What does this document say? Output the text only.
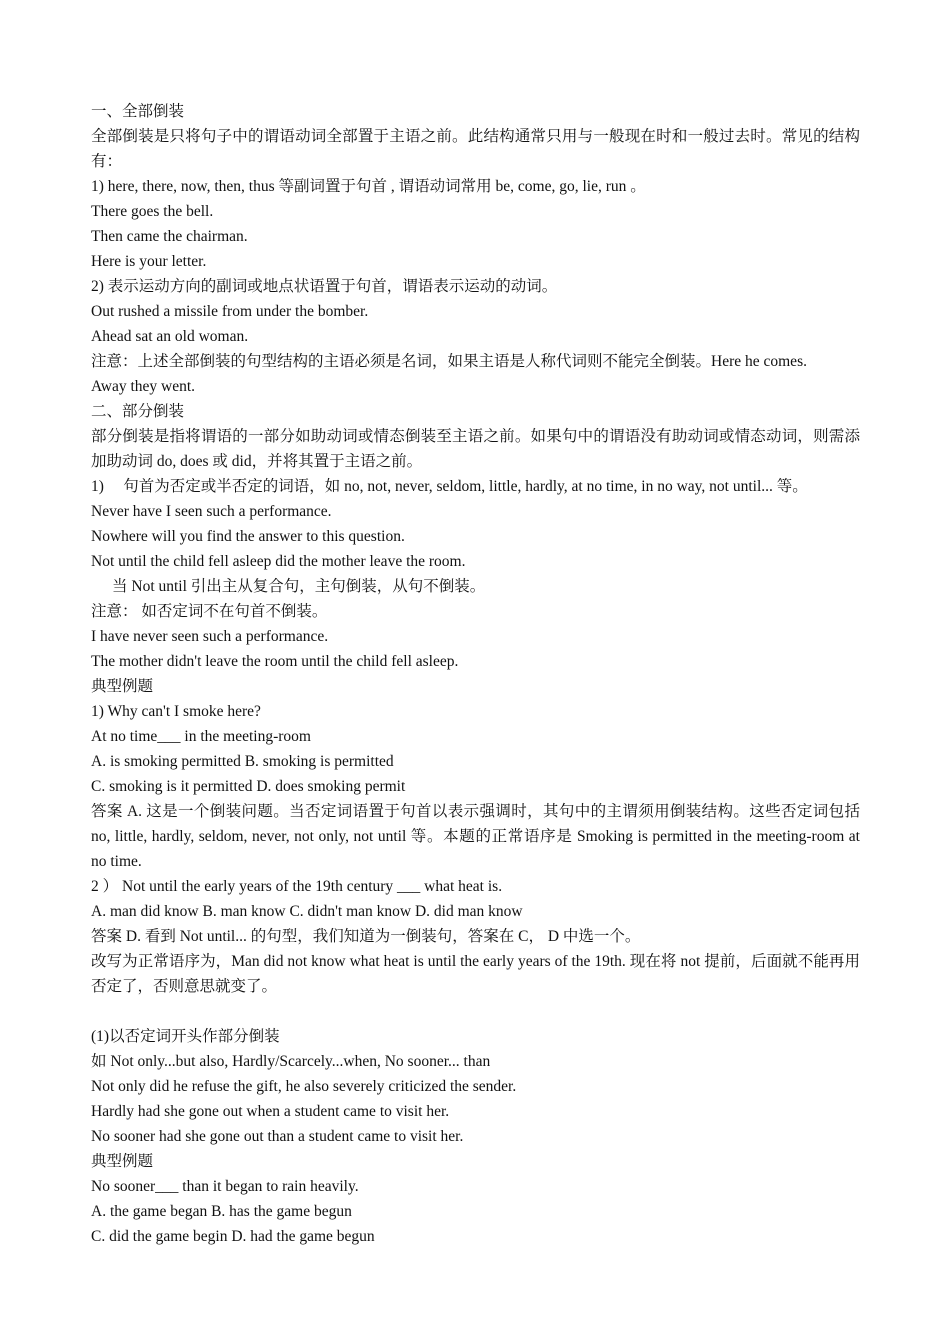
一、全部倒装
全部倒装是只将句子中的谓语动词全部置于主语之前。此结构通常只用与一般现在时和一般过去时。常见的结构有：
1) here, there, now, then, thus 等副词置于句首 , 谓语动词常用 be, come, go, lie, run 。
There goes the bell.
Then came the chairman.
Here is your letter.
2) 表示运动方向的副词或地点状语置于句首，谓语表示运动的动词。
Out rushed a missile from under the bomber.
Ahead sat an old woman.
注意：上述全部倒装的句型结构的主语必须是名词，如果主语是人称代词则不能完全倒装。Here he comes.
Away they went.
二、部分倒装
部分倒装是指将谓语的一部分如助动词或情态倒装至主语之前。如果句中的谓语没有助动词或情态动词，则需添加助动词 do, does 或 did，并将其置于主语之前。
1)　 句首为否定或半否定的词语，如 no, not, never, seldom, little, hardly, at no time, in no way, not until... 等。
Never have I seen such a performance.
Nowhere will you find the answer to this question.
Not until the child fell asleep did the mother leave the room.
当 Not until 引出主从复合句，主句倒装，从句不倒装。
注意： 如否定词不在句首不倒装。
I have never seen such a performance.
The mother didn't leave the room until the child fell asleep.
典型例题
1) Why can't I smoke here?
At no time___ in the meeting-room
A. is smoking permitted B. smoking is permitted
C. smoking is it permitted D. does smoking permit
答案 A. 这是一个倒装问题。当否定词语置于句首以表示强调时，其句中的主谓须用倒装结构。这些否定词包括 no, little, hardly, seldom, never, not only, not until 等。本题的正常语序是 Smoking is permitted in the meeting-room at no time.
2 ） Not until the early years of the 19th century ___ what heat is.
A. man did know B. man know C. didn't man know D. did man know
答案 D. 看到 Not until... 的句型，我们知道为一倒装句，答案在 C， D 中选一个。
改写为正常语序为，Man did not know what heat is until the early years of the 19th. 现在将 not 提前，后面就不能再用否定了，否则意思就变了。
(1)以否定词开头作部分倒装
如 Not only...but also, Hardly/Scarcely...when, No sooner... than
Not only did he refuse the gift, he also severely criticized the sender.
Hardly had she gone out when a student came to visit her.
No sooner had she gone out than a student came to visit her.
典型例题
No sooner___ than it began to rain heavily.
A. the game began B. has the game begun
C. did the game begin D. had the game begun
